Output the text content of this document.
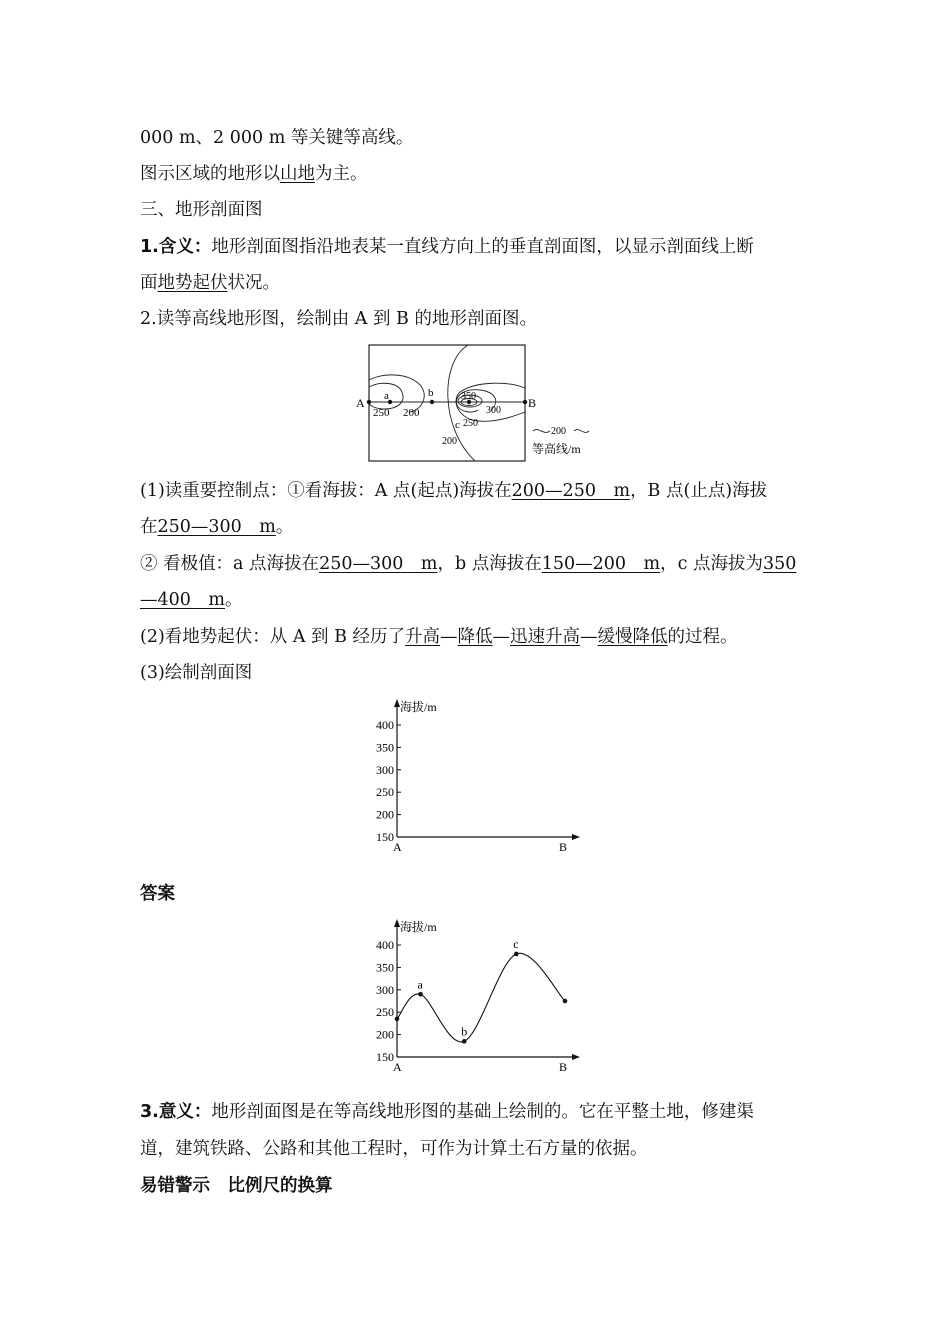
000 m、2 000 m 等关键等高线。

图示区域的地形以山地为主。

三、地形剖面图

1.含义：地形剖面图指沿地表某一直线方向上的垂直剖面图，以显示剖面线上断

面地势起伏状况。

2.读等高线地形图，绘制由 A 到 B 的地形剖面图。

A a	b
B
c
250 200
350
300
250
200
200
等高线/m

(1)读重要控制点：①看海拔：A 点(起点)海拔在200—250　m，B 点(止点)海拔

在250—300　m。

② 看极值：a 点海拔在250—300　m，b 点海拔在150—200　m，c 点海拔为350

—400　m。

(2)看地势起伏：从 A 到 B 经历了升高—降低—迅速升高—缓慢降低的过程。

(3)绘制剖面图

海拔/m
150
200
250
300
350
400
A	B

答案

海拔/m
150
200
250
300
350
400
A	B
a
b
c

3.意义：地形剖面图是在等高线地形图的基础上绘制的。它在平整土地，修建渠

道，建筑铁路、公路和其他工程时，可作为计算土石方量的依据。

易错警示　比例尺的换算
